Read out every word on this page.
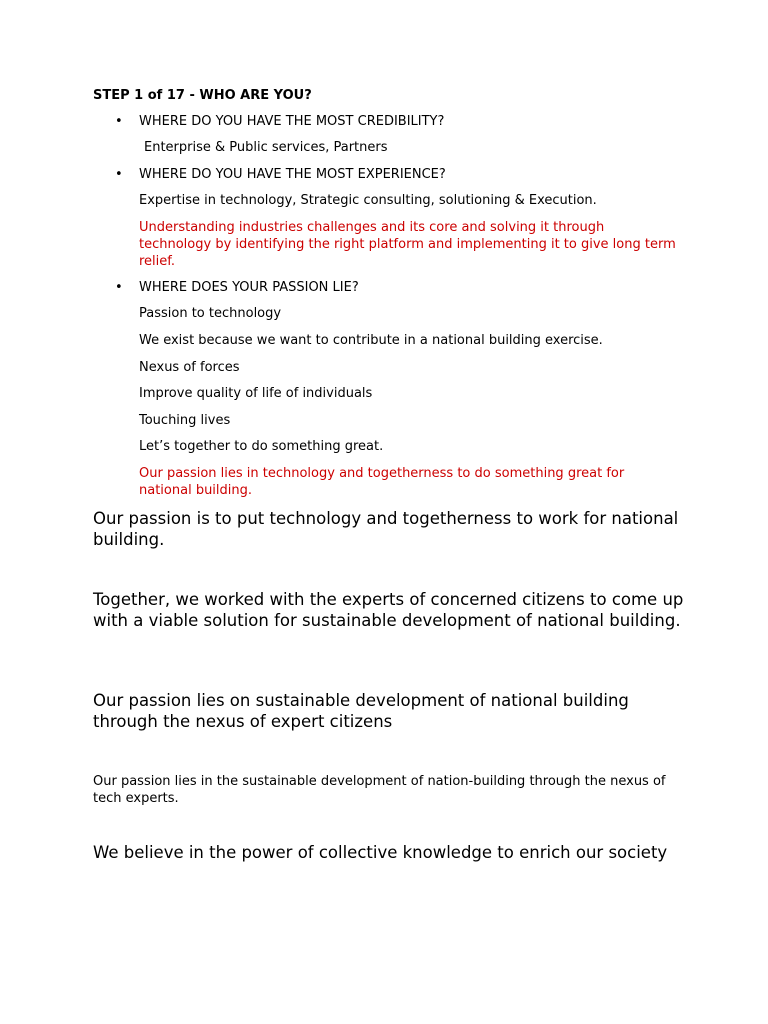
STEP 1 of 17 - WHO ARE YOU?
• WHERE DO YOU HAVE THE MOST CREDIBILITY?
Enterprise & Public services, Partners
• WHERE DO YOU HAVE THE MOST EXPERIENCE?
Expertise in technology, Strategic consulting, solutioning & Execution.
Understanding industries challenges and its core and solving it through technology by identifying the right platform and implementing it to give long term relief.
• WHERE DOES YOUR PASSION LIE?
Passion to technology
We exist because we want to contribute in a national building exercise.
Nexus of forces
Improve quality of life of individuals
Touching lives
Let’s together to do something great.
Our passion lies in technology and togetherness to do something great for national building.
Our passion is to put technology and togetherness to work for national building.
Together, we worked with the experts of concerned citizens to come up with a viable solution for sustainable development of national building.
Our passion lies on sustainable development of national building through the nexus of expert citizens
Our passion lies in the sustainable development of nation-building through the nexus of tech experts.
We believe in the power of collective knowledge to enrich our society
